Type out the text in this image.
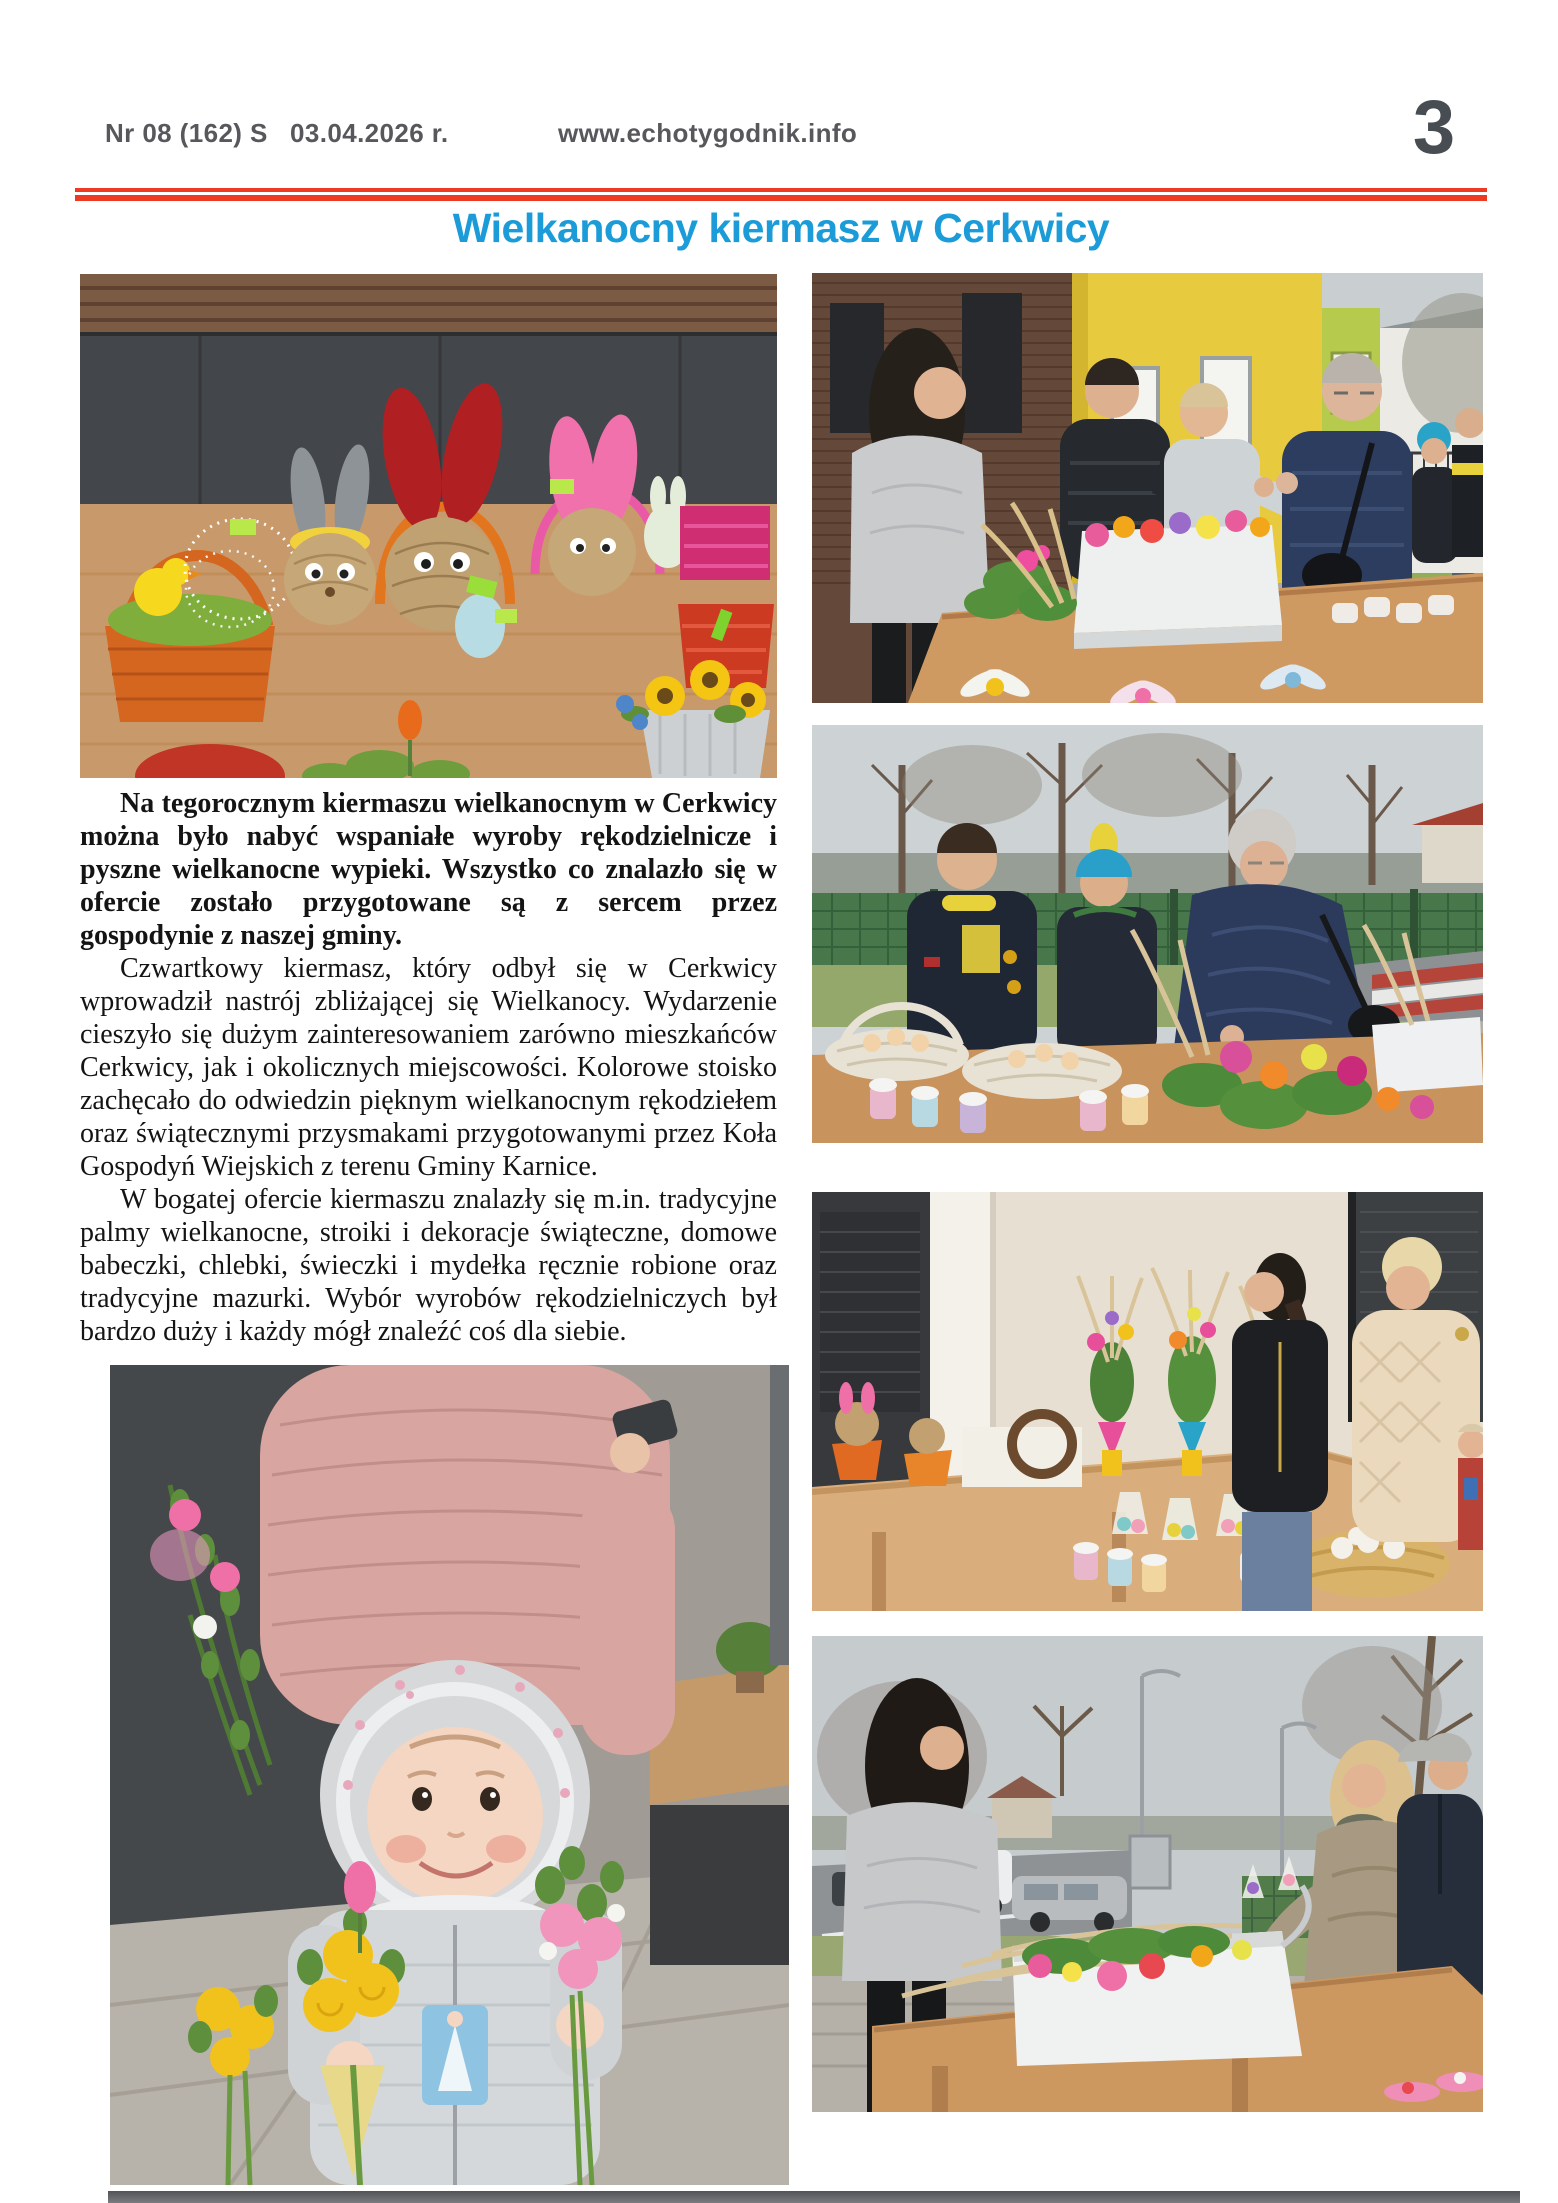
Nr 08 (162) S 03.04.2026 r.	www.echotygodnik.info	3
Wielkanocny kiermasz w Cerkwicy

Na tegorocznym kiermaszu wielkanocnym w Cerkwicy można było nabyć wspaniałe wyroby rękodzielnicze i pyszne wielkanocne wypieki. Wszystko co znalazło się w ofercie zostało przygotowane są z sercem przez gospodynie z naszej gminy.

Czwartkowy kiermasz, który odbył się w Cerkwicy wprowadził nastrój zbliżającej się Wielkanocy. Wydarzenie cieszyło się dużym zainteresowaniem zarówno mieszkańców Cerkwicy, jak i okolicznych miejscowości. Kolorowe stoisko zachęcało do odwiedzin pięknym wielkanocnym rękodziełem oraz świątecznymi przysmakami przygotowanymi przez Koła Gospodyń Wiejskich z terenu Gminy Karnice.

W bogatej ofercie kiermaszu znalazły się m.in. tradycyjne palmy wielkanocne, stroiki i dekoracje świąteczne, domowe babeczki, chlebki, świeczki i mydełka ręcznie robione oraz tradycyjne mazurki. Wybór wyrobów rękodzielniczych był bardzo duży i każdy mógł znaleźć coś dla siebie.
